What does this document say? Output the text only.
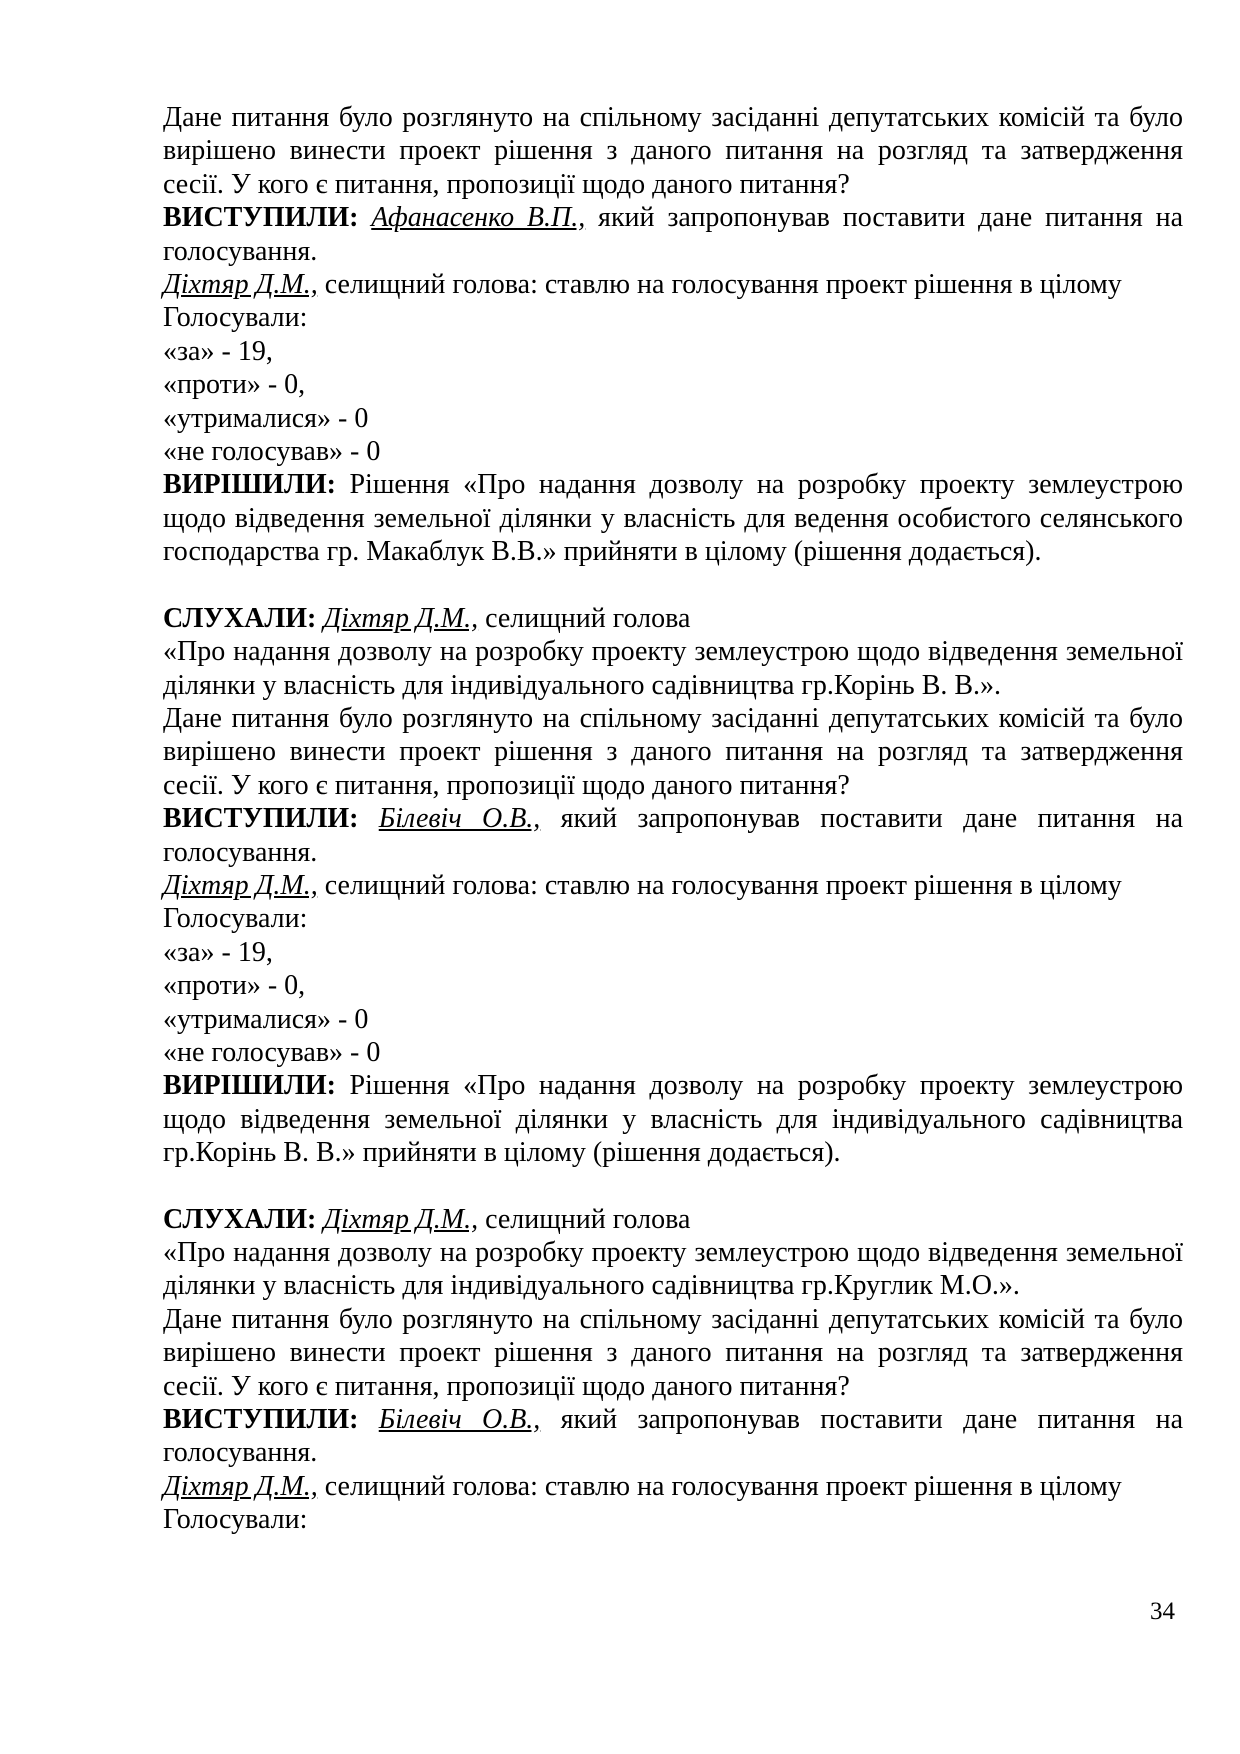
Дане питання було розглянуто на спільному засіданні депутатських комісій та було вирішено винести проект рішення з даного питання на розгляд та затвердження сесії. У кого є питання, пропозиції щодо даного питання?

ВИСТУПИЛИ: Афанасенко В.П., який запропонував поставити дане питання на голосування.

Діхтяр Д.М., селищний голова: ставлю на голосування проект рішення в цілому

Голосували:

«за» - 19,

«проти» - 0,

«утрималися» - 0

«не голосував» - 0

ВИРІШИЛИ: Рішення «Про надання дозволу на розробку проекту землеустрою щодо відведення земельної ділянки у власність для ведення особистого селянського господарства гр. Макаблук В.В.» прийняти в цілому (рішення додається).

СЛУХАЛИ: Діхтяр Д.М., селищний голова

«Про надання дозволу на розробку проекту землеустрою щодо відведення земельної ділянки у власність для індивідуального садівництва гр.Корінь В. В.».

Дане питання було розглянуто на спільному засіданні депутатських комісій та було вирішено винести проект рішення з даного питання на розгляд та затвердження сесії. У кого є питання, пропозиції щодо даного питання?

ВИСТУПИЛИ: Білевіч О.В., який запропонував поставити дане питання на голосування.

Діхтяр Д.М., селищний голова: ставлю на голосування проект рішення в цілому

Голосували:

«за» - 19,

«проти» - 0,

«утрималися» - 0

«не голосував» - 0

ВИРІШИЛИ: Рішення «Про надання дозволу на розробку проекту землеустрою щодо відведення земельної ділянки у власність для індивідуального садівництва гр.Корінь В. В.» прийняти в цілому (рішення додається).

СЛУХАЛИ: Діхтяр Д.М., селищний голова

«Про надання дозволу на розробку проекту землеустрою щодо відведення земельної ділянки у власність для індивідуального садівництва гр.Круглик М.О.».

Дане питання було розглянуто на спільному засіданні депутатських комісій та було вирішено винести проект рішення з даного питання на розгляд та затвердження сесії. У кого є питання, пропозиції щодо даного питання?

ВИСТУПИЛИ: Білевіч О.В., який запропонував поставити дане питання на голосування.

Діхтяр Д.М., селищний голова: ставлю на голосування проект рішення в цілому

Голосували:

34
